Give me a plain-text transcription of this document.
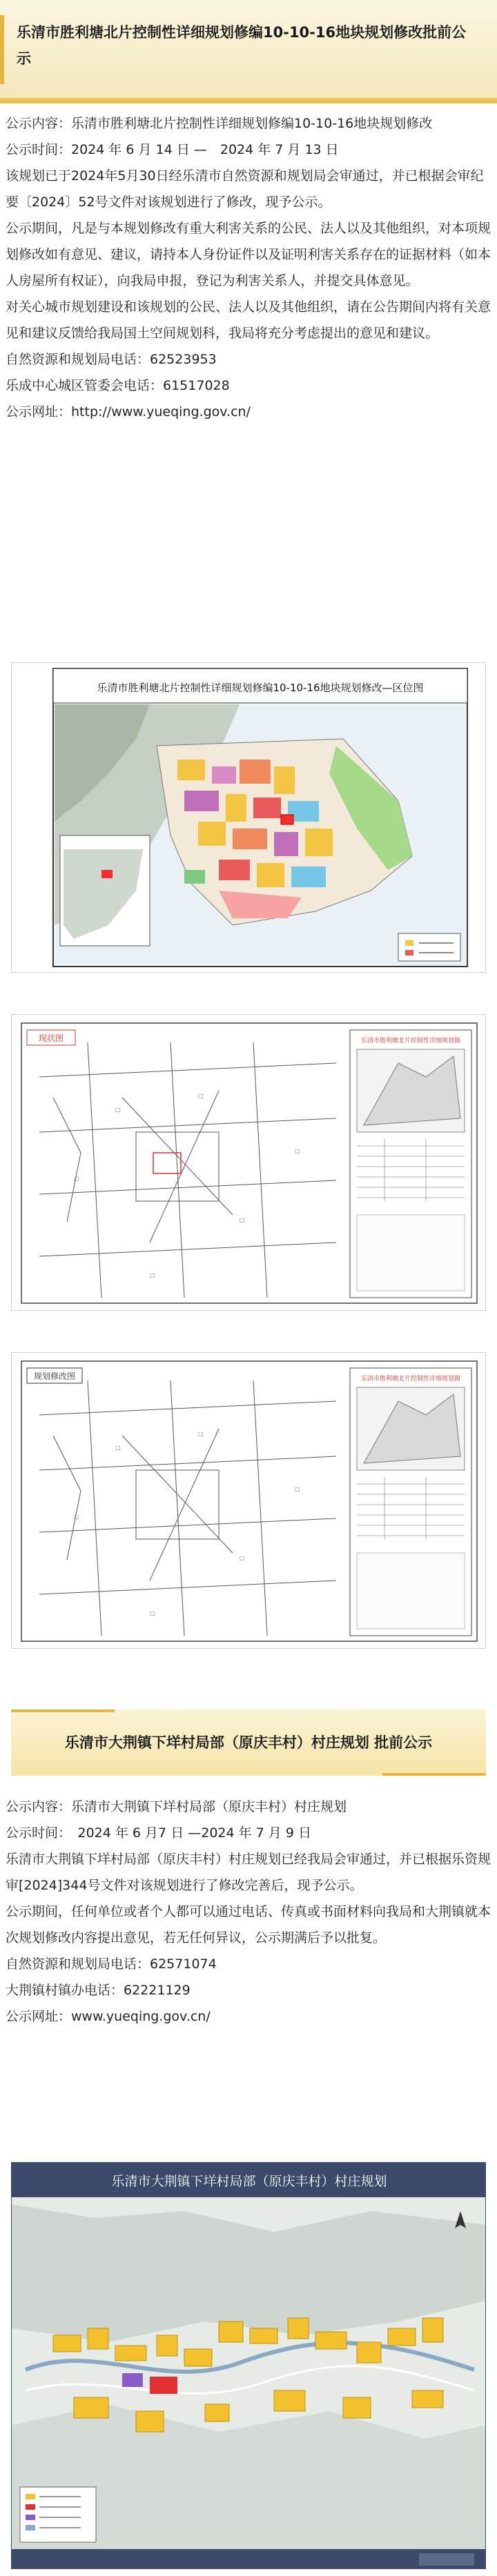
乐清市胜利塘北片控制性详细规划修编10-10-16地块规划修改批前公示

公示内容：乐清市胜利塘北片控制性详细规划修编10-10-16地块规划修改

公示时间：2024 年 6 月 14 日 —　2024 年 7 月 13 日

该规划已于2024年5月30日经乐清市自然资源和规划局会审通过，并已根据会审纪要〔2024〕52号文件对该规划进行了修改，现予公示。

公示期间，凡是与本规划修改有重大利害关系的公民、法人以及其他组织，对本项规划修改如有意见、建议，请持本人身份证件以及证明利害关系存在的证据材料（如本人房屋所有权证），向我局申报，登记为利害关系人，并提交具体意见。

对关心城市规划建设和该规划的公民、法人以及其他组织，请在公告期间内将有关意见和建议反馈给我局国土空间规划科，我局将充分考虑提出的意见和建议。

自然资源和规划局电话：62523953

乐成中心城区管委会电话：61517028

公示网址：http://www.yueqing.gov.cn/

乐清市胜利塘北片控制性详细规划修编10-10-16地块规划修改—区位图
现状图
□
□
□
□
□
□
乐清市胜利塘北片控制性详细规划图
规划修改图
□
□
□
□
□
□
乐清市胜利塘北片控制性详细规划图
乐清市大荆镇下垟村局部（原庆丰村）村庄规划 批前公示

公示内容：乐清市大荆镇下垟村局部（原庆丰村）村庄规划

公示时间：　2024 年 6 月7 日 —2024 年 7 月 9 日

乐清市大荆镇下垟村局部（原庆丰村）村庄规划已经我局会审通过，并已根据乐资规审[2024]344号文件对该规划进行了修改完善后，现予公示。

公示期间，任何单位或者个人都可以通过电话、传真或书面材料向我局和大荆镇就本次规划修改内容提出意见，若无任何异议，公示期满后予以批复。

自然资源和规划局电话：62571074

大荆镇村镇办电话：62221129

公示网址：www.yueqing.gov.cn/

乐清市大荆镇下垟村局部（原庆丰村）村庄规划
